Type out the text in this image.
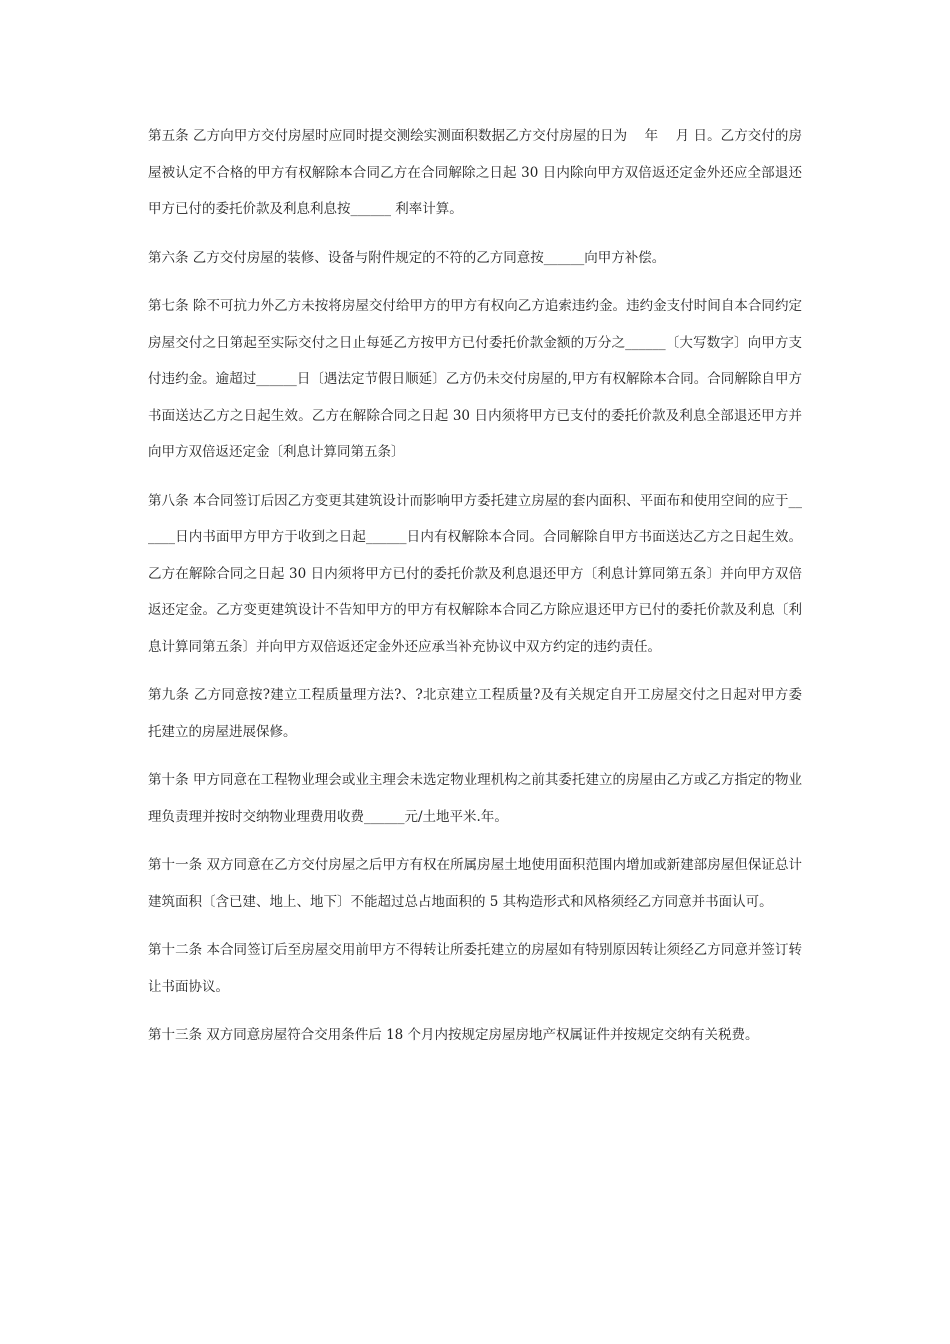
第五条 乙方向甲方交付房屋时应同时提交测绘实测面积数据乙方交付房屋的日为    年    月 日。乙方交付的房屋被认定不合格的甲方有权解除本合同乙方在合同解除之日起 30 日内除向甲方双倍返还定金外还应全部退还甲方已付的委托价款及利息利息按______ 利率计算。

第六条 乙方交付房屋的装修、设备与附件规定的不符的乙方同意按______向甲方补偿。

第七条 除不可抗力外乙方未按将房屋交付给甲方的甲方有权向乙方追索违约金。违约金支付时间自本合同约定房屋交付之日第起至实际交付之日止每延乙方按甲方已付委托价款金额的万分之______〔大写数字〕向甲方支付违约金。逾超过______日〔遇法定节假日顺延〕乙方仍未交付房屋的,甲方有权解除本合同。合同解除自甲方书面送达乙方之日起生效。乙方在解除合同之日起 30 日内须将甲方已支付的委托价款及利息全部退还甲方并向甲方双倍返还定金〔利息计算同第五条〕

第八条 本合同签订后因乙方变更其建筑设计而影响甲方委托建立房屋的套内面积、平面布和使用空间的应于______日内书面甲方甲方于收到之日起______日内有权解除本合同。合同解除自甲方书面送达乙方之日起生效。乙方在解除合同之日起 30 日内须将甲方已付的委托价款及利息退还甲方〔利息计算同第五条〕并向甲方双倍返还定金。乙方变更建筑设计不告知甲方的甲方有权解除本合同乙方除应退还甲方已付的委托价款及利息〔利息计算同第五条〕并向甲方双倍返还定金外还应承当补充协议中双方约定的违约责任。

第九条 乙方同意按?建立工程质量理方法?、?北京建立工程质量?及有关规定自开工房屋交付之日起对甲方委托建立的房屋进展保修。

第十条 甲方同意在工程物业理会或业主理会未选定物业理机构之前其委托建立的房屋由乙方或乙方指定的物业理负责理并按时交纳物业理费用收费______元/土地平米.年。

第十一条 双方同意在乙方交付房屋之后甲方有权在所属房屋土地使用面积范围内增加或新建部房屋但保证总计建筑面积〔含已建、地上、地下〕不能超过总占地面积的 5 其构造形式和风格须经乙方同意并书面认可。

第十二条 本合同签订后至房屋交用前甲方不得转让所委托建立的房屋如有特别原因转让须经乙方同意并签订转让书面协议。

第十三条 双方同意房屋符合交用条件后 18 个月内按规定房屋房地产权属证件并按规定交纳有关税费。
